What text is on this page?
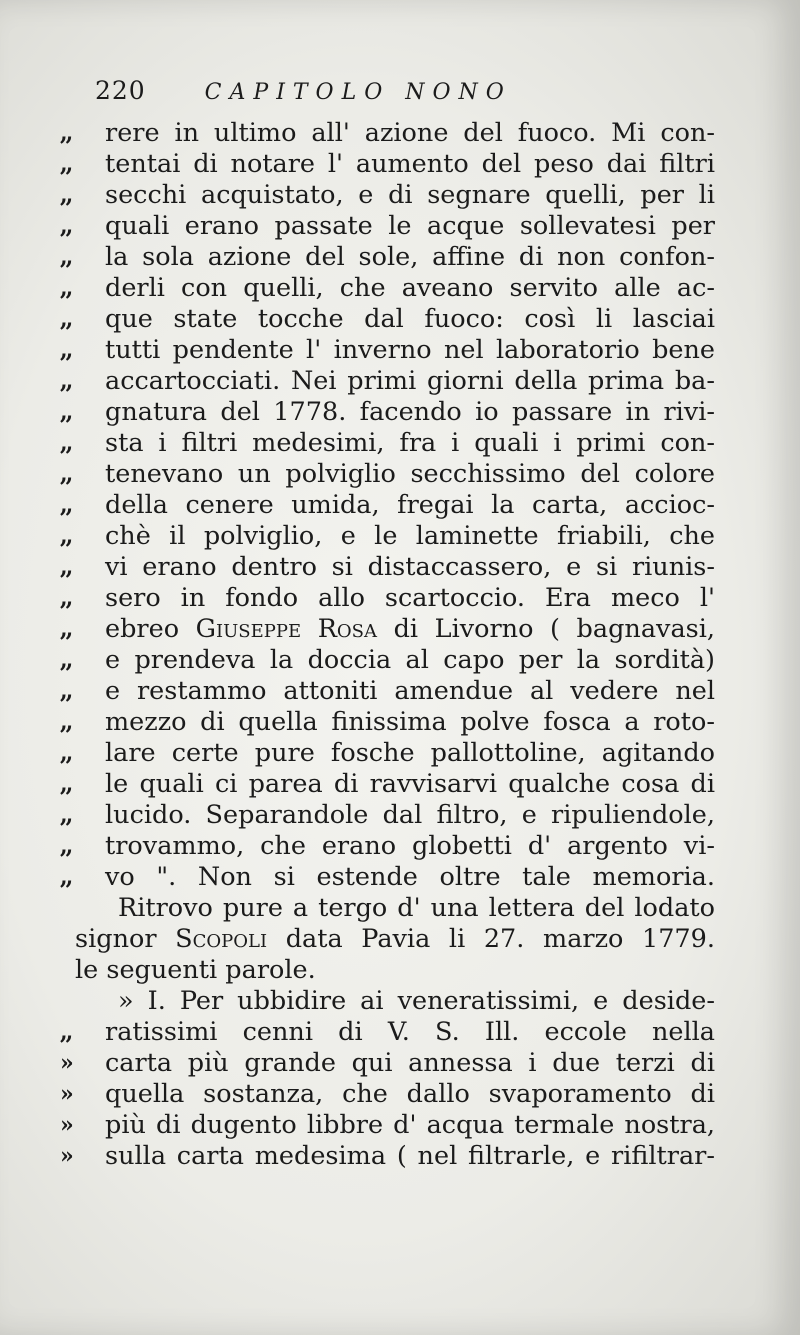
220	CAPITOLO NONO
,,	rere in ultimo all' azione del fuoco. Mi con-
,,	tentai di notare l' aumento del peso dai filtri
,,	secchi acquistato, e di segnare quelli, per li
,,	quali erano passate le acque sollevatesi per
,,	la sola azione del sole, affine di non confon-
,,	derli con quelli, che aveano servito alle ac-
,,	que state tocche dal fuoco: così li lasciai
,,	tutti pendente l' inverno nel laboratorio bene
,,	accartocciati. Nei primi giorni della prima ba-
,,	gnatura del 1778. facendo io passare in rivi-
,,	sta i filtri medesimi, fra i quali i primi con-
,,	tenevano un polviglio secchissimo del colore
,,	della cenere umida, fregai la carta, accioc-
,,	chè il polviglio, e le laminette friabili, che
,,	vi erano dentro si distaccassero, e si riunis-
,,	sero in fondo allo scartoccio. Era meco l'
,,	ebreo Giuseppe Rosa di Livorno ( bagnavasi,
,,	e prendeva la doccia al capo per la sordità)
,,	e restammo attoniti amendue al vedere nel
,,	mezzo di quella finissima polve fosca a roto-
,,	lare certe pure fosche pallottoline, agitando
,,	le quali ci parea di ravvisarvi qualche cosa di
,,	lucido. Separandole dal filtro, e ripuliendole,
,,	trovammo, che erano globetti d' argento vi-
,,	vo ". Non si estende oltre tale memoria.
Ritrovo pure a tergo d' una lettera del lodato
signor Scopoli data Pavia li 27. marzo 1779.
le seguenti parole.
» I. Per ubbidire ai veneratissimi, e deside-
,,	ratissimi cenni di V. S. Ill. eccole nella
»	carta più grande qui annessa i due terzi di
»	quella sostanza, che dallo svaporamento di
»	più di dugento libbre d' acqua termale nostra,
»	sulla carta medesima ( nel filtrarle, e rifiltrar-
